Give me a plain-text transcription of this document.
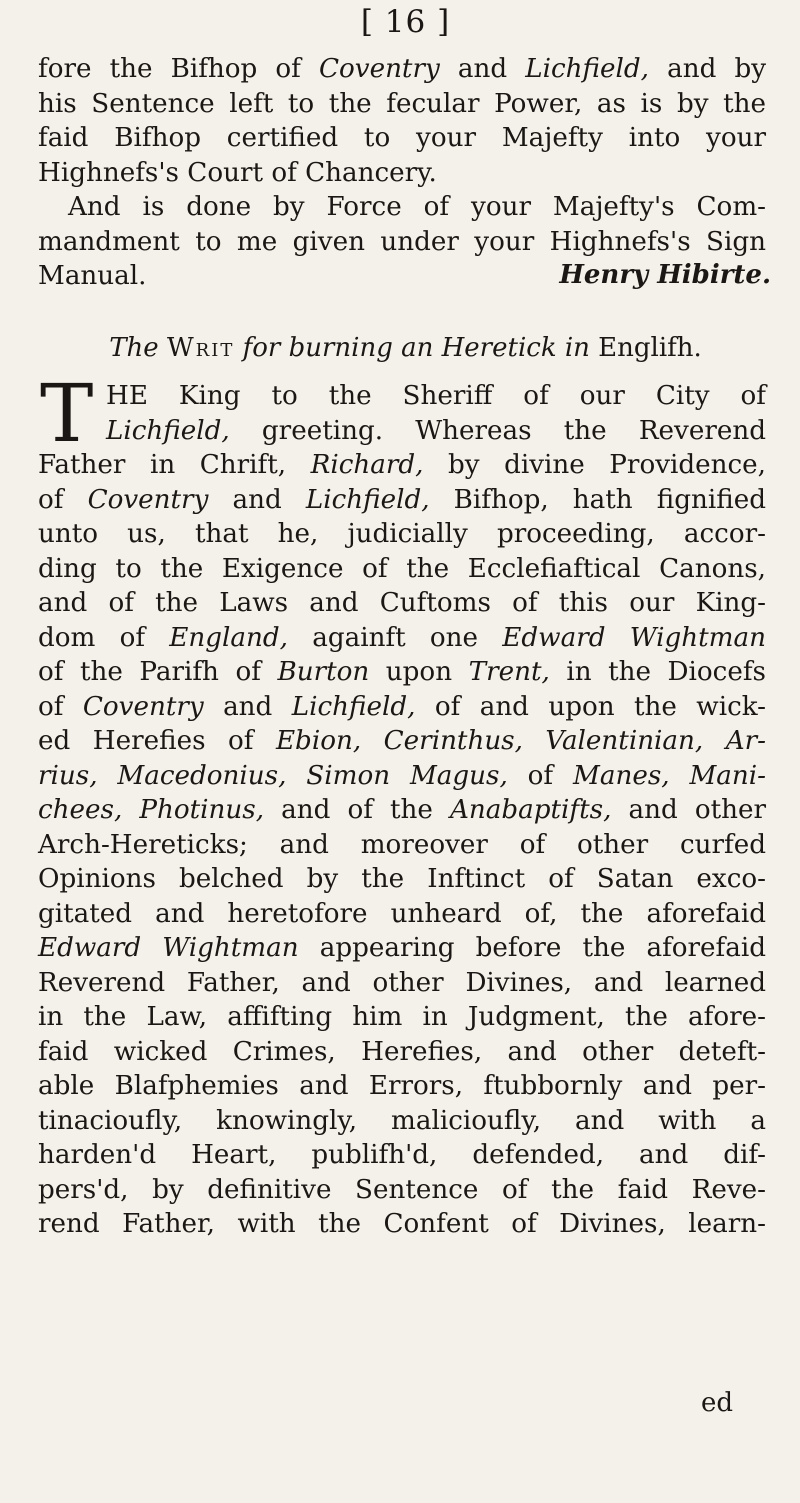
[ 16 ]
fore the Bifhop of Coventry and Lichfield, and by
his Sentence left to the fecular Power, as is by the
faid Bifhop certified to your Majefty into your
Highnefs's Court of Chancery.
And is done by Force of your Majefty's Com-
mandment to me given under your Highnefs's Sign
Manual.	Henry Hibirte.
The Writ for burning an Heretick in Englifh.
T HE King to the Sheriff of our City of
Lichfield, greeting. Whereas the Reverend
Father in Chrift, Richard, by divine Providence,
of Coventry and Lichfield, Bifhop, hath fignified
unto us, that he, judicially proceeding, accor-
ding to the Exigence of the Ecclefiaftical Canons,
and of the Laws and Cuftoms of this our King-
dom of England, againft one Edward Wightman
of the Parifh of Burton upon Trent, in the Diocefs
of Coventry and Lichfield, of and upon the wick-
ed Herefies of Ebion, Cerinthus, Valentinian, Ar-
rius, Macedonius, Simon Magus, of Manes, Mani-
chees, Photinus, and of the Anabaptifts, and other
Arch-Hereticks; and moreover of other curfed
Opinions belched by the Inftinct of Satan exco-
gitated and heretofore unheard of, the aforefaid
Edward Wightman appearing before the aforefaid
Reverend Father, and other Divines, and learned
in the Law, affifting him in Judgment, the afore-
faid wicked Crimes, Herefies, and other deteft-
able Blafphemies and Errors, ftubbornly and per-
tinacioufly, knowingly, malicioufly, and with a
harden'd Heart, publifh'd, defended, and dif-
pers'd, by definitive Sentence of the faid Reve-
rend Father, with the Confent of Divines, learn-
ed
